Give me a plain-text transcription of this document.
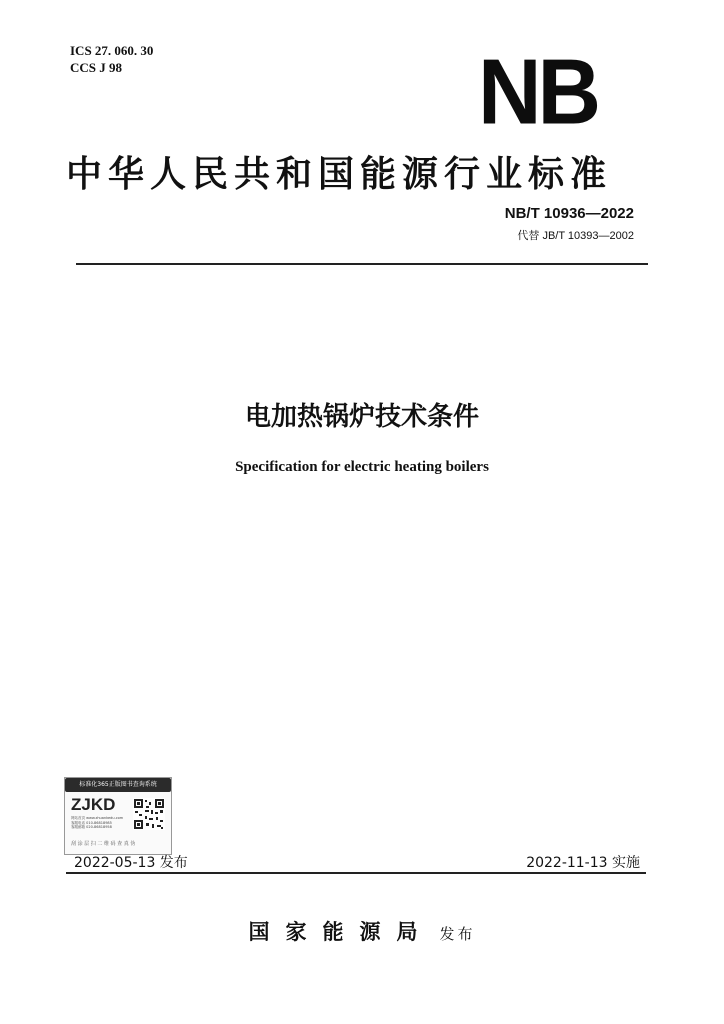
ICS 27. 060. 30
CCS J 98	NB
中华人民共和国能源行业标准
NB/T 10936—2022
代替 JB/T 10393—2002
电加热锅炉技术条件
Specification for electric heating boilers
标准化365正版图书查询系统
ZJKD
网站首页 www.zhuankedu.com
客服电话 010-86818985
客服邮箱 020-86818958
刮 涂 层 扫 二 维 码 查 真 伪
2022-05-13 发布	2022-11-13 实施
国家能源局 发布
